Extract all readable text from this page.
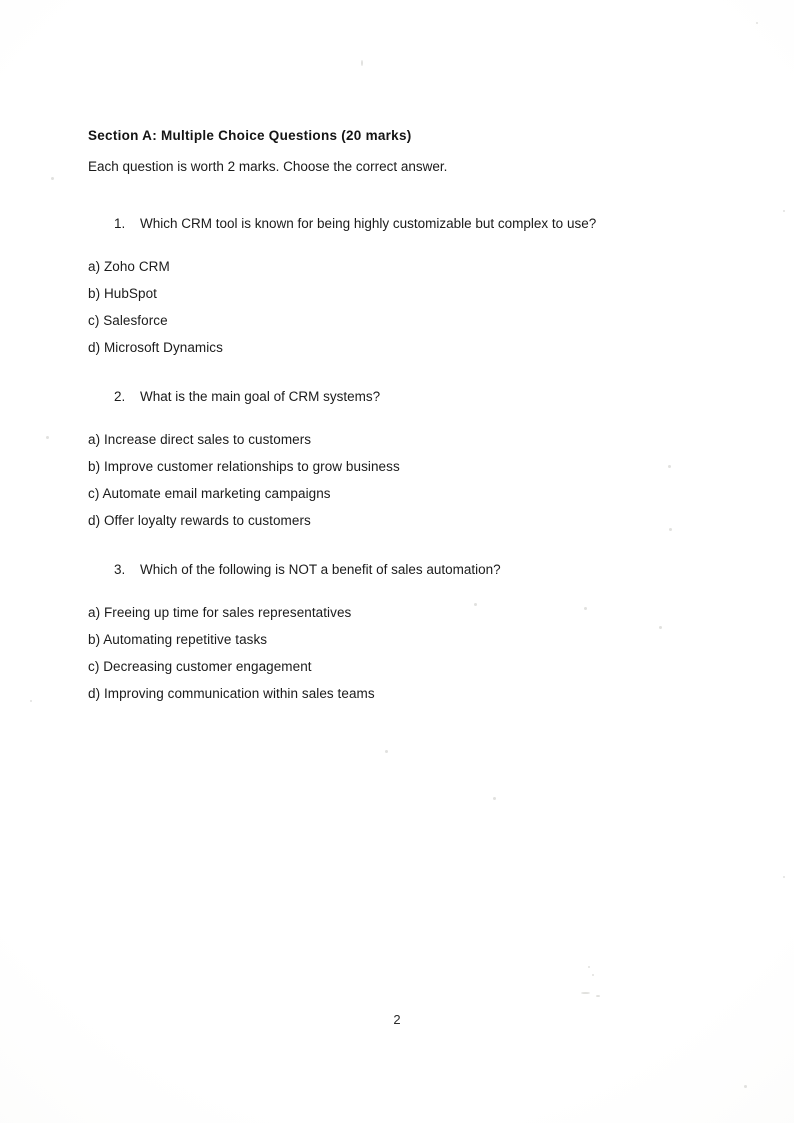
Section A: Multiple Choice Questions (20 marks)

Each question is worth 2 marks. Choose the correct answer.

1.	Which CRM tool is known for being highly customizable but complex to use?
a) Zoho CRM
b) HubSpot
c) Salesforce
d) Microsoft Dynamics
2.	What is the main goal of CRM systems?
a) Increase direct sales to customers
b) Improve customer relationships to grow business
c) Automate email marketing campaigns
d) Offer loyalty rewards to customers
3.	Which of the following is NOT a benefit of sales automation?
a) Freeing up time for sales representatives
b) Automating repetitive tasks
c) Decreasing customer engagement
d) Improving communication within sales teams
2
